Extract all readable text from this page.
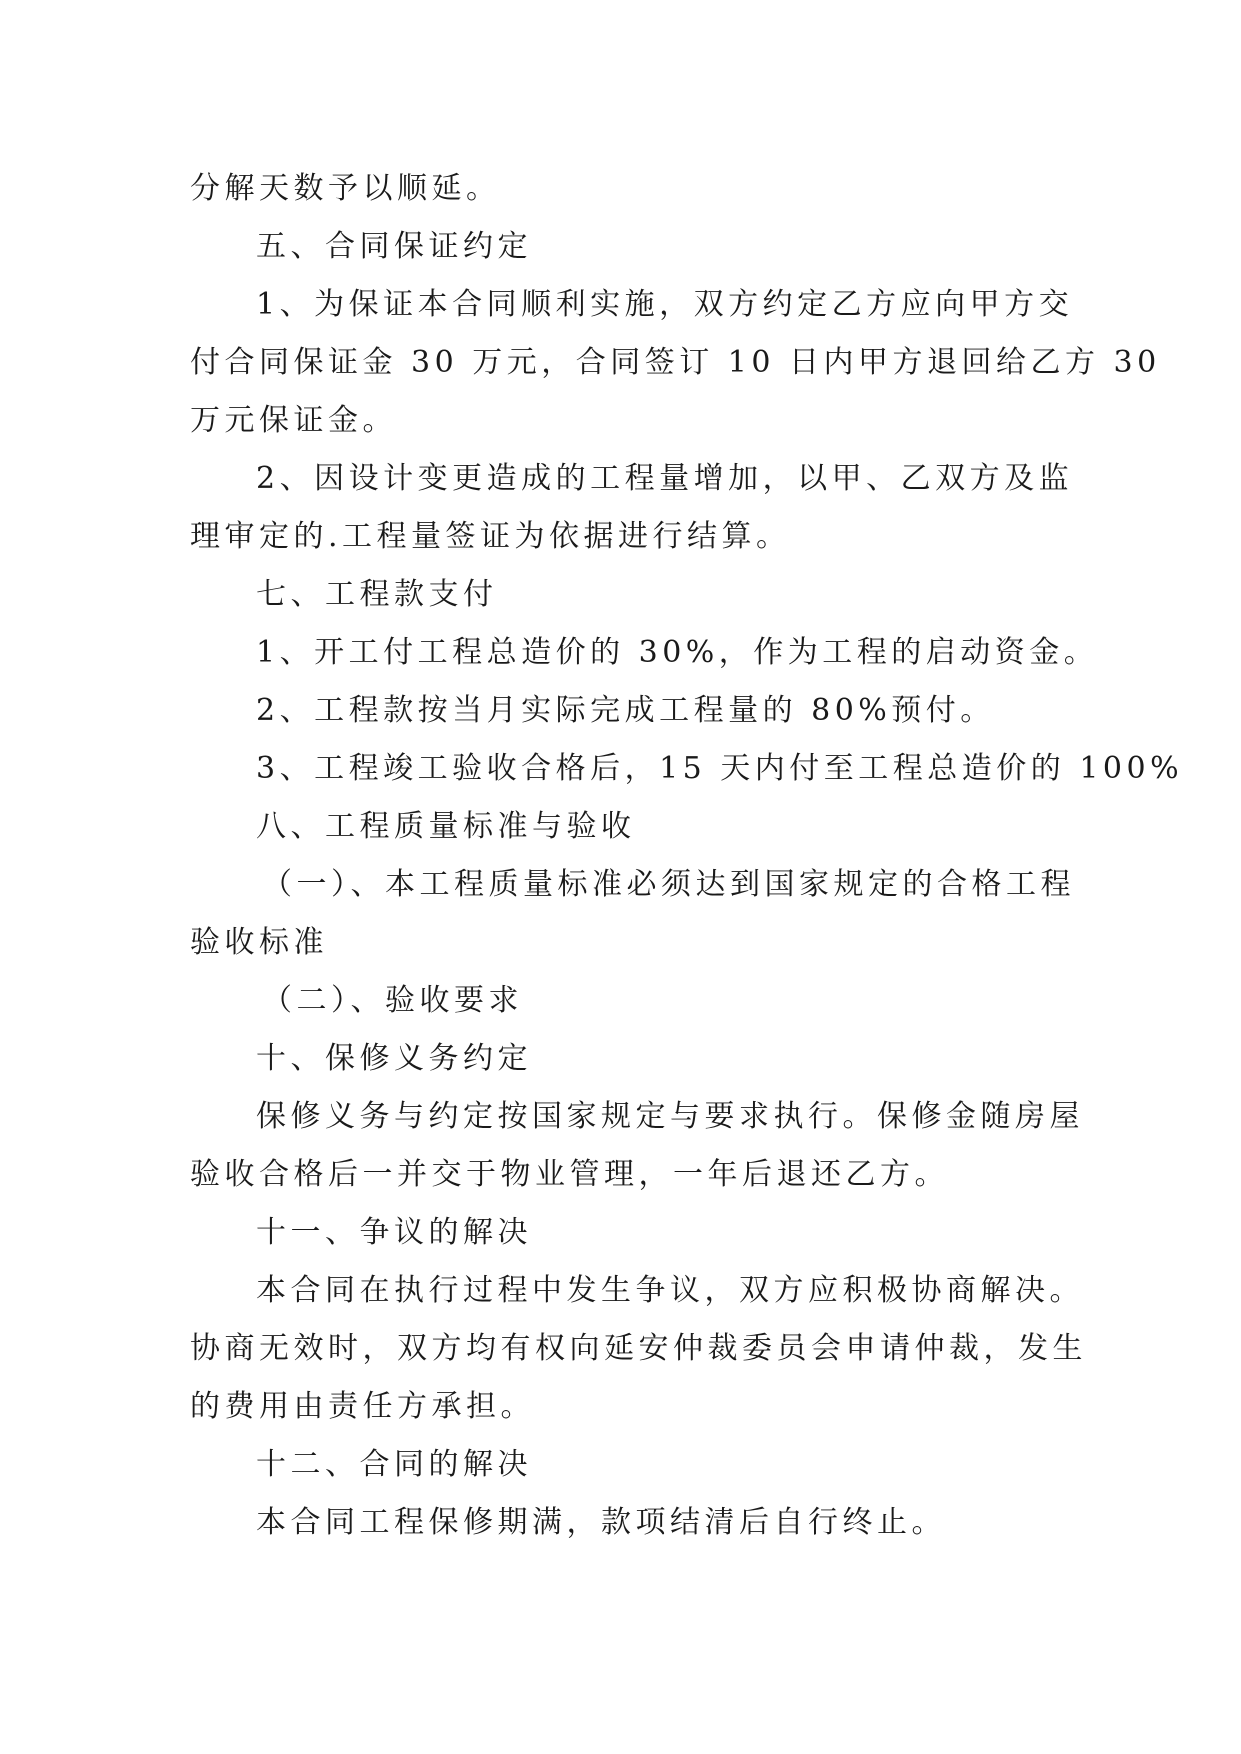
分解天数予以顺延。
五、合同保证约定
1、为保证本合同顺利实施，双方约定乙方应向甲方交
付合同保证金 30 万元，合同签订 10 日内甲方退回给乙方 30
万元保证金。
2、因设计变更造成的工程量增加，以甲、乙双方及监
理审定的.工程量签证为依据进行结算。
七、工程款支付
1、开工付工程总造价的 30%，作为工程的启动资金。
2、工程款按当月实际完成工程量的 80%预付。
3、工程竣工验收合格后，15 天内付至工程总造价的 100%
八、工程质量标准与验收
（一）、本工程质量标准必须达到国家规定的合格工程
验收标准
（二）、验收要求
十、保修义务约定
保修义务与约定按国家规定与要求执行。保修金随房屋
验收合格后一并交于物业管理，一年后退还乙方。
十一、争议的解决
本合同在执行过程中发生争议，双方应积极协商解决。
协商无效时，双方均有权向延安仲裁委员会申请仲裁，发生
的费用由责任方承担。
十二、合同的解决
本合同工程保修期满，款项结清后自行终止。
